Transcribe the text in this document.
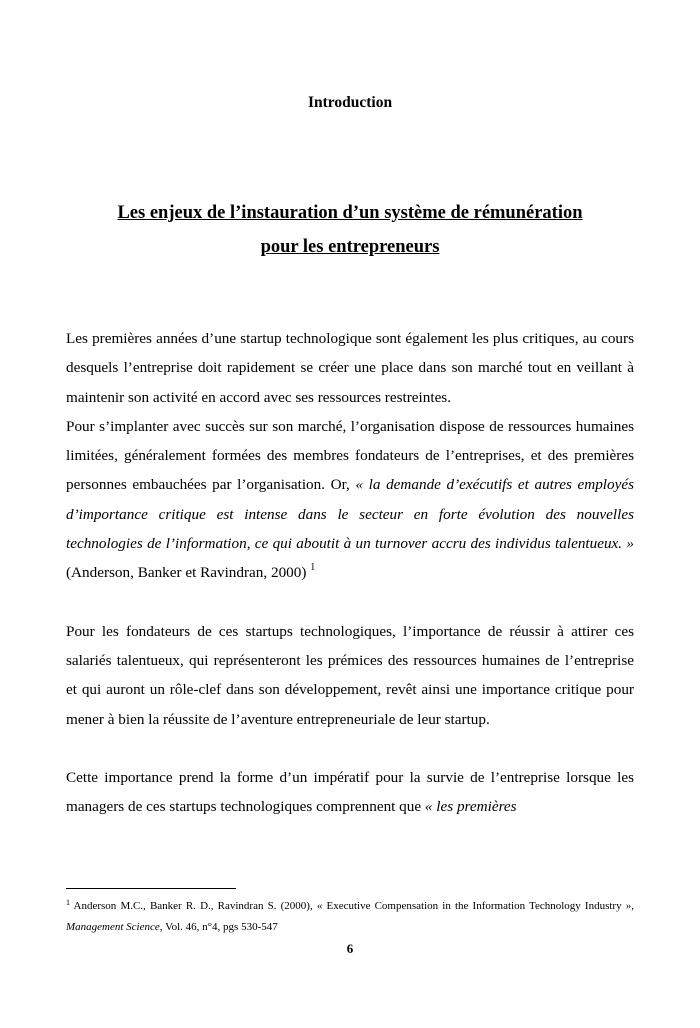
Introduction
Les enjeux de l’instauration d’un système de rémunération
pour les entrepreneurs

Les premières années d’une startup technologique sont également les plus critiques, au cours desquels l’entreprise doit rapidement se créer une place dans son marché tout en veillant à maintenir son activité en accord avec ses ressources restreintes.

Pour s’implanter avec succès sur son marché, l’organisation dispose de ressources humaines limitées, généralement formées des membres fondateurs de l’entreprises, et des premières personnes embauchées par l’organisation. Or, « la demande d’exécutifs et autres employés d’importance critique est intense dans le secteur en forte évolution des nouvelles technologies de l’information, ce qui aboutit à un turnover accru des individus talentueux. » (Anderson, Banker et Ravindran, 2000) $^1$

Pour les fondateurs de ces startups technologiques, l’importance de réussir à attirer ces salariés talentueux, qui représenteront les prémices des ressources humaines de l’entreprise et qui auront un rôle-clef dans son développement, revêt ainsi une importance critique pour mener à bien la réussite de l’aventure entrepreneuriale de leur startup.

Cette importance prend la forme d’un impératif pour la survie de l’entreprise lorsque les managers de ces startups technologiques comprennent que « les premières

$^1$ Anderson M.C., Banker R. D., Ravindran S. (2000), « Executive Compensation in the Information Technology Industry », Management Science, Vol. 46, n°4, pgs 530-547
6
